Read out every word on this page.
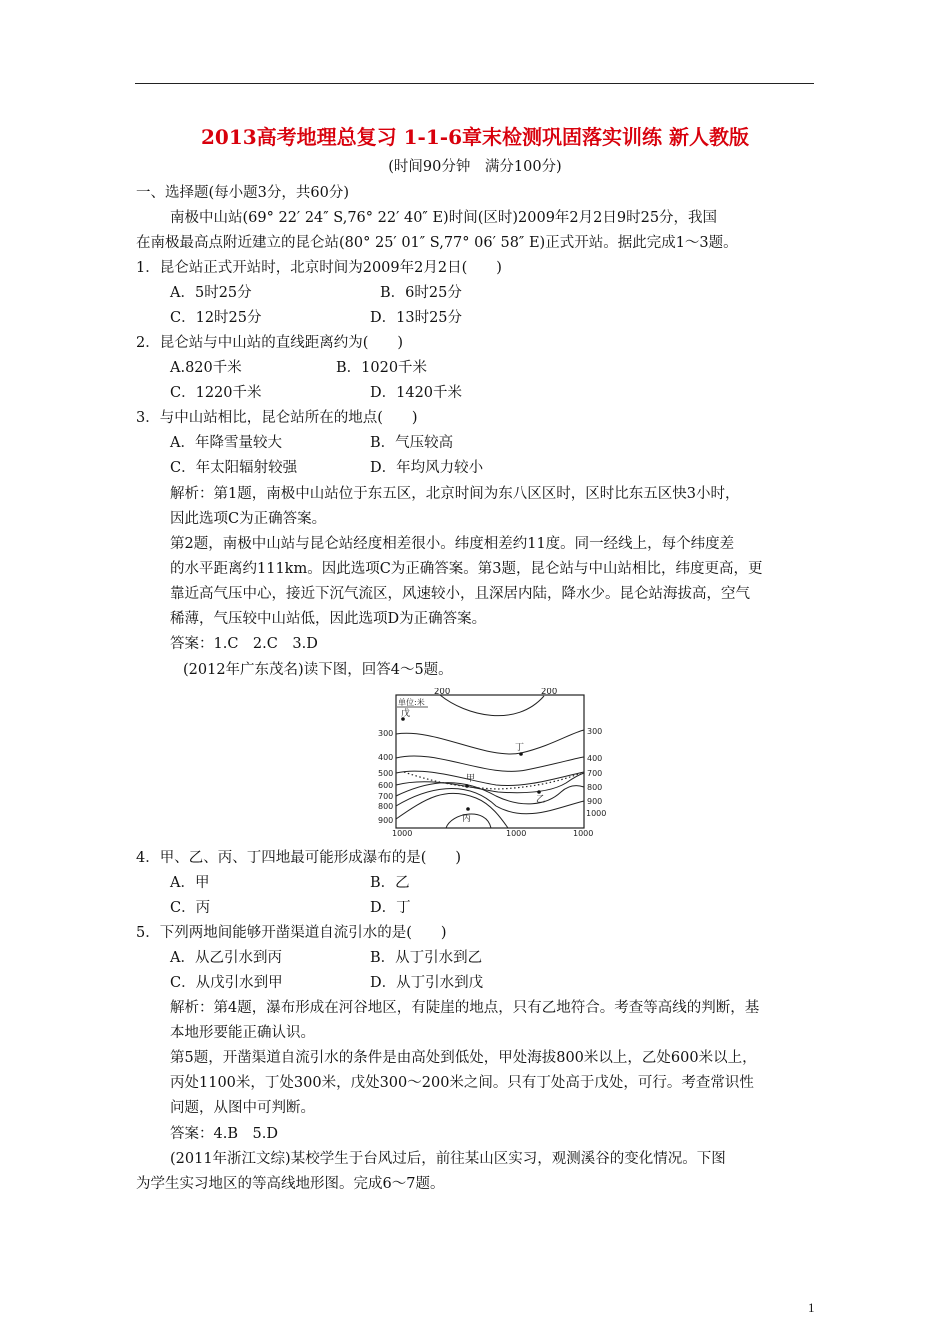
2013高考地理总复习 1-1-6章末检测巩固落实训练 新人教版
(时间90分钟　满分100分)
一、选择题(每小题3分，共60分)
南极中山站(69° 22′ 24″ S,76° 22′ 40″ E)时间(区时)2009年2月2日9时25分，我国
在南极最高点附近建立的昆仑站(80° 25′ 01″ S,77° 06′ 58″ E)正式开站。据此完成1～3题。
1．昆仑站正式开站时，北京时间为2009年2月2日(　　)
A．5时25分	B．6时25分
C．12时25分	D．13时25分
2．昆仑站与中山站的直线距离约为(　　)
A.820千米	B．1020千米
C．1220千米	D．1420千米
3．与中山站相比，昆仑站所在的地点(　　)
A．年降雪量较大	B．气压较高
C．年太阳辐射较强	D．年均风力较小
解析：第1题，南极中山站位于东五区，北京时间为东八区区时，区时比东五区快3小时，
因此选项C为正确答案。
第2题，南极中山站与昆仑站经度相差很小。纬度相差约11度。同一经线上，每个纬度差
的水平距离约111km。因此选项C为正确答案。第3题，昆仑站与中山站相比，纬度更高，更
靠近高气压中心，接近下沉气流区，风速较小，且深居内陆，降水少。昆仑站海拔高，空气
稀薄，气压较中山站低，因此选项D为正确答案。
答案：1.C　2.C　3.D
(2012年广东茂名)读下图，回答4～5题。
单位:米
200	200
300
400
500
600
700
800
900
300
400
700
800
900
1000
1000	1000	1000
戊
丁
甲
乙
丙
4．甲、乙、丙、丁四地最可能形成瀑布的是(　　)
A．甲	B．乙
C．丙	D．丁
5．下列两地间能够开凿渠道自流引水的是(　　)
A．从乙引水到丙	B．从丁引水到乙
C．从戊引水到甲	D．从丁引水到戊
解析：第4题，瀑布形成在河谷地区，有陡崖的地点，只有乙地符合。考查等高线的判断，基
本地形要能正确认识。
第5题，开凿渠道自流引水的条件是由高处到低处，甲处海拔800米以上，乙处600米以上，
丙处1100米，丁处300米，戊处300～200米之间。只有丁处高于戊处，可行。考查常识性
问题，从图中可判断。
答案：4.B　5.D
(2011年浙江文综)某校学生于台风过后，前往某山区实习，观测溪谷的变化情况。下图
为学生实习地区的等高线地形图。完成6～7题。
1
